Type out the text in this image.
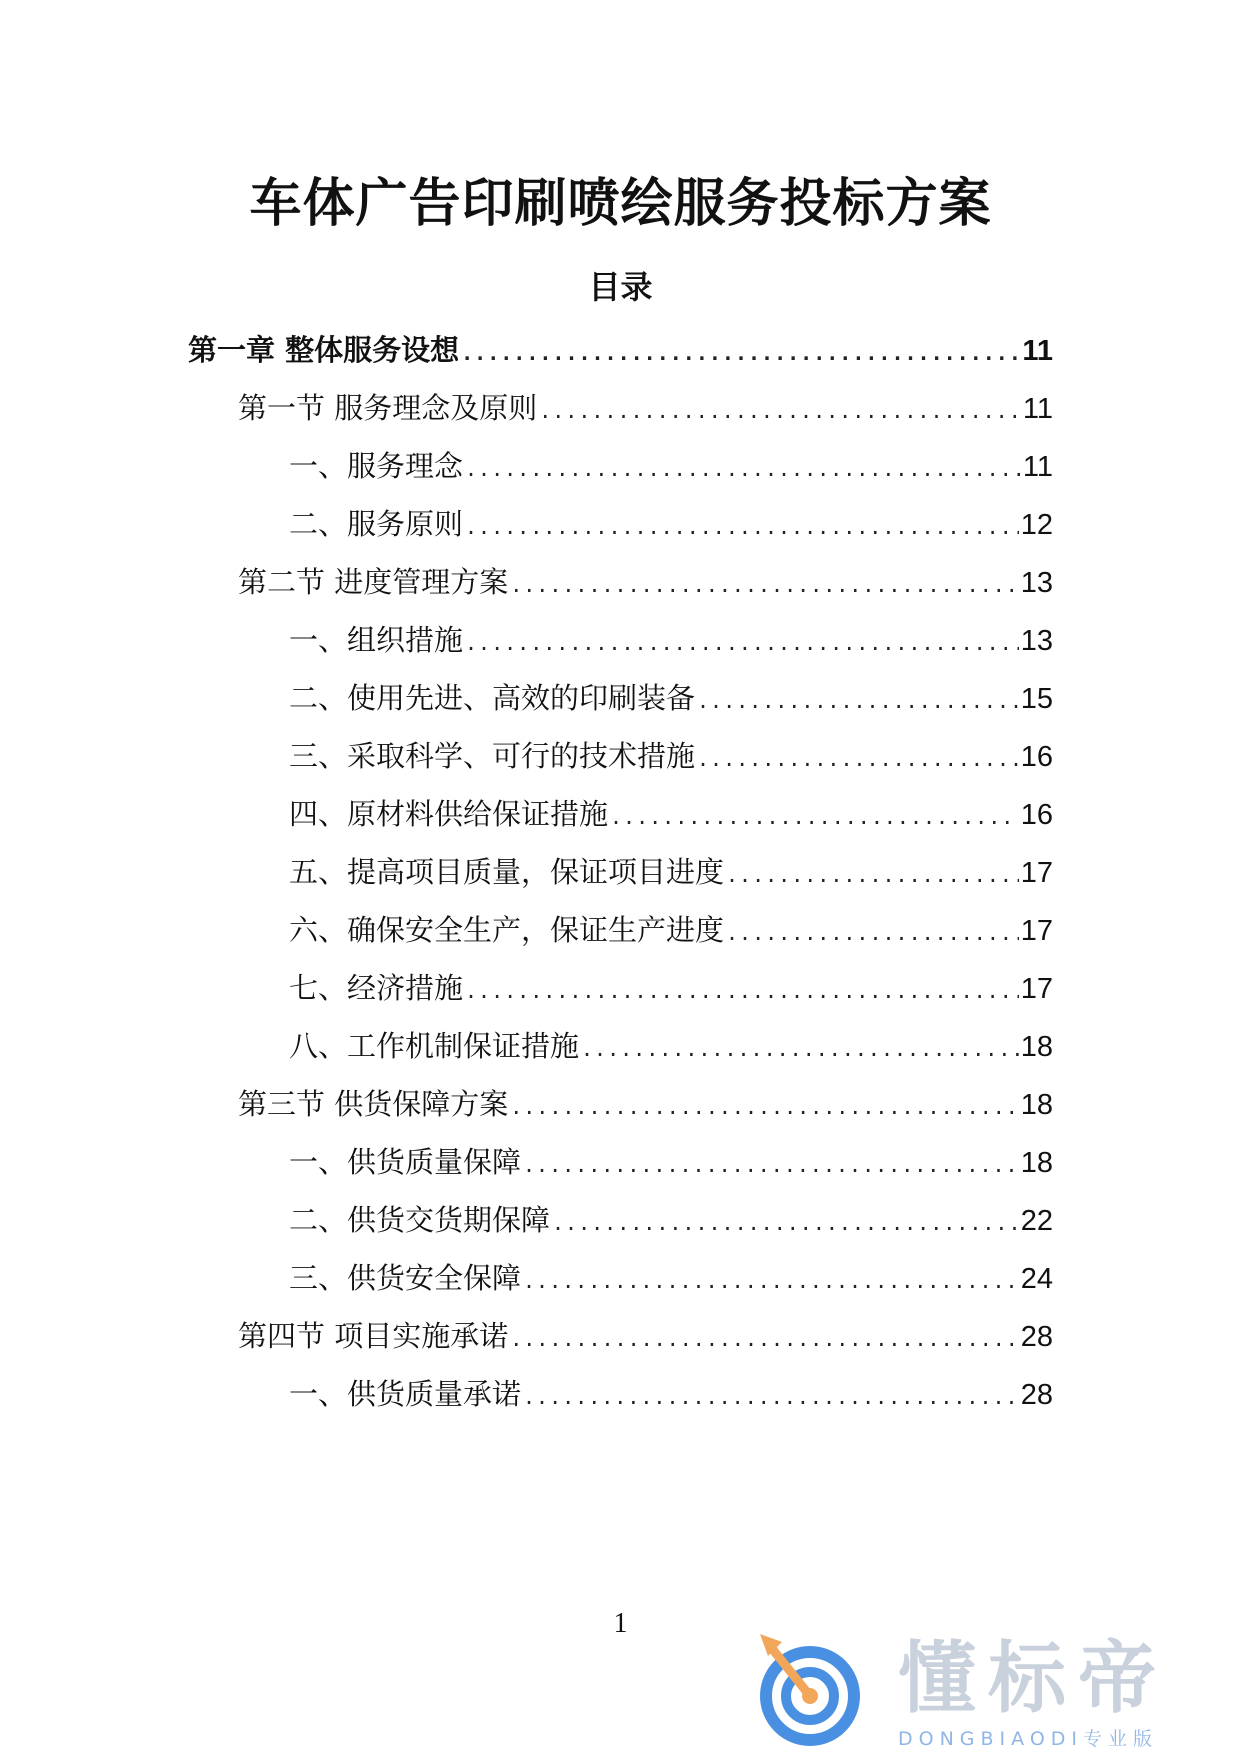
车体广告印刷喷绘服务投标方案
目录
第一章 整体服务设想 .....	11
第一节 服务理念及原则 .....	11
一、服务理念 .....	11
二、服务原则 .....	12
第二节 进度管理方案 .....	13
一、组织措施 .....	13
二、使用先进、高效的印刷装备 .....	15
三、采取科学、可行的技术措施 .....	16
四、原材料供给保证措施 .....	16
五、提高项目质量，保证项目进度 .....	17
六、确保安全生产，保证生产进度 .....	17
七、经济措施 .....	17
八、工作机制保证措施 .....	18
第三节 供货保障方案 .....	18
一、供货质量保障 .....	18
二、供货交货期保障 .....	22
三、供货安全保障 .....	24
第四节 项目实施承诺 .....	28
一、供货质量承诺 .....	28
1
懂标帝
DONGBIAODI专业版
